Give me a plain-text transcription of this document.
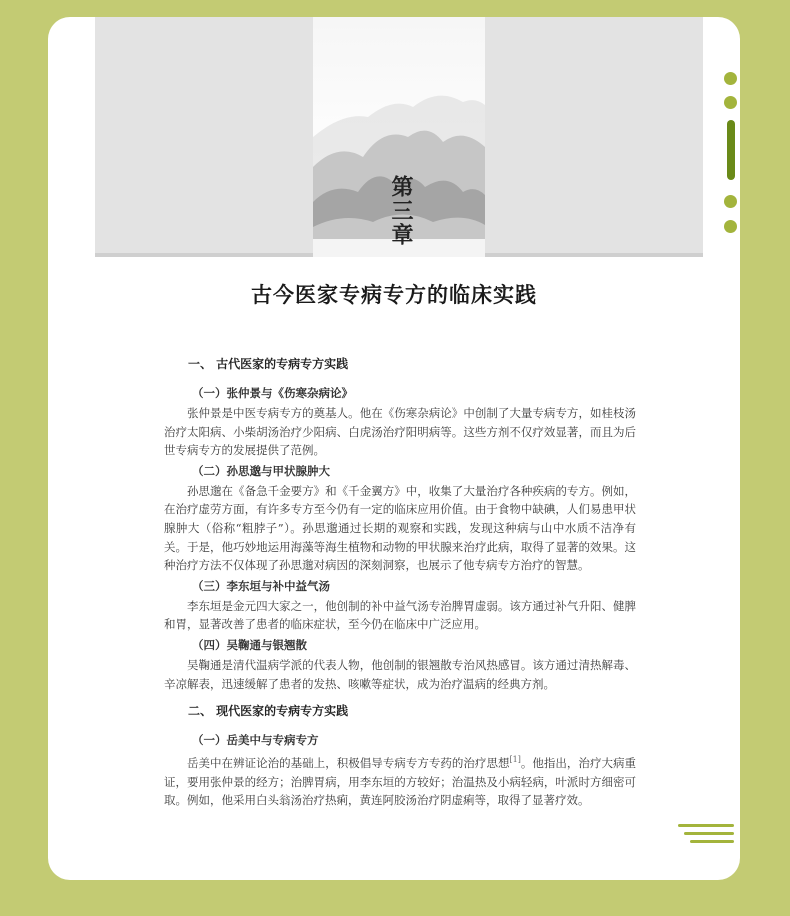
第三章
古今医家专病专方的临床实践
一、 古代医家的专病专方实践
（一）张仲景与《伤寒杂病论》

张仲景是中医专病专方的奠基人。他在《伤寒杂病论》中创制了大量专病专方，如桂枝汤治疗太阳病、小柴胡汤治疗少阳病、白虎汤治疗阳明病等。这些方剂不仅疗效显著，而且为后世专病专方的发展提供了范例。

（二）孙思邈与甲状腺肿大

孙思邈在《备急千金要方》和《千金翼方》中，收集了大量治疗各种疾病的专方。例如，在治疗虚劳方面，有许多专方至今仍有一定的临床应用价值。由于食物中缺碘，人们易患甲状腺肿大（俗称“粗脖子”）。孙思邈通过长期的观察和实践，发现这种病与山中水质不洁净有关。于是，他巧妙地运用海藻等海生植物和动物的甲状腺来治疗此病，取得了显著的效果。这种治疗方法不仅体现了孙思邈对病因的深刻洞察，也展示了他专病专方治疗的智慧。

（三）李东垣与补中益气汤

李东垣是金元四大家之一，他创制的补中益气汤专治脾胃虚弱。该方通过补气升阳、健脾和胃，显著改善了患者的临床症状，至今仍在临床中广泛应用。

（四）吴鞠通与银翘散

吴鞠通是清代温病学派的代表人物，他创制的银翘散专治风热感冒。该方通过清热解毒、辛凉解表，迅速缓解了患者的发热、咳嗽等症状，成为治疗温病的经典方剂。

二、 现代医家的专病专方实践
（一）岳美中与专病专方

岳美中在辨证论治的基础上，积极倡导专病专方专药的治疗思想[1]。他指出，治疗大病重证，要用张仲景的经方；治脾胃病，用李东垣的方较好；治温热及小病轻病，叶派时方细密可取。例如，他采用白头翁汤治疗热痢，黄连阿胶汤治疗阴虚痢等，取得了显著疗效。
